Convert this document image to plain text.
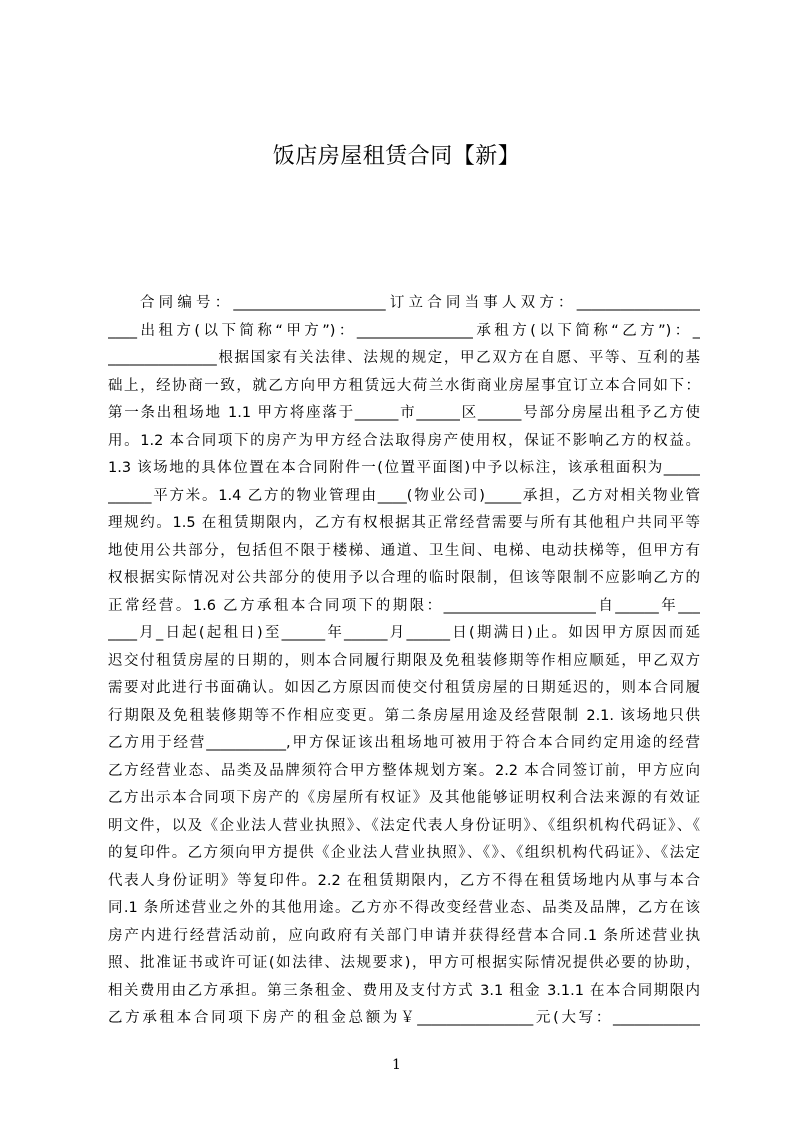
饭店房屋租赁合同【新】
合同编号：_____________________订立合同当事人双方：_________________
____出租方(以下简称“甲方”)：________________承租方(以下简称“乙方”)：_
_______________根据国家有关法律、法规的规定，甲乙双方在自愿、平等、互利的基
础上，经协商一致，就乙方向甲方租赁远大荷兰水街商业房屋事宜订立本合同如下：
第一条出租场地 1.1 甲方将座落于______市______区______号部分房屋出租予乙方使
用。1.2 本合同项下的房产为甲方经合法取得房产使用权，保证不影响乙方的权益。
1.3 该场地的具体位置在本合同附件一(位置平面图)中予以标注，该承租面积为_____
______平方米。1.4 乙方的物业管理由____(物业公司)_____承担，乙方对相关物业管
理规约。1.5 在租赁期限内，乙方有权根据其正常经营需要与所有其他租户共同平等
地使用公共部分，包括但不限于楼梯、通道、卫生间、电梯、电动扶梯等，但甲方有
权根据实际情况对公共部分的使用予以合理的临时限制，但该等限制不应影响乙方的
正常经营。1.6 乙方承租本合同项下的期限：_____________________自______年___
____月_日起(起租日)至______年______月______日(期满日)止。如因甲方原因而延
迟交付租赁房屋的日期的，则本合同履行期限及免租装修期等作相应顺延，甲乙双方
需要对此进行书面确认。如因乙方原因而使交付租赁房屋的日期延迟的，则本合同履
行期限及免租装修期等不作相应变更。第二条房屋用途及经营限制 2.1. 该场地只供
乙方用于经营___________,甲方保证该出租场地可被用于符合本合同约定用途的经营
乙方经营业态、品类及品牌须符合甲方整体规划方案。2.2 本合同签订前，甲方应向
乙方出示本合同项下房产的《房屋所有权证》及其他能够证明权利合法来源的有效证
明文件，以及《企业法人营业执照》、《法定代表人身份证明》、《组织机构代码证》、《
的复印件。乙方须向甲方提供《企业法人营业执照》、《》、《组织机构代码证》、《法定
代表人身份证明》等复印件。2.2 在租赁期限内，乙方不得在租赁场地内从事与本合
同.1 条所述营业之外的其他用途。乙方亦不得改变经营业态、品类及品牌，乙方在该
房产内进行经营活动前，应向政府有关部门申请并获得经营本合同.1 条所述营业执
照、批准证书或许可证(如法律、法规要求)，甲方可根据实际情况提供必要的协助，
相关费用由乙方承担。第三条租金、费用及支付方式 3.1 租金 3.1.1 在本合同期限内
乙方承租本合同项下房产的租金总额为￥________________元(大写：____________
1
